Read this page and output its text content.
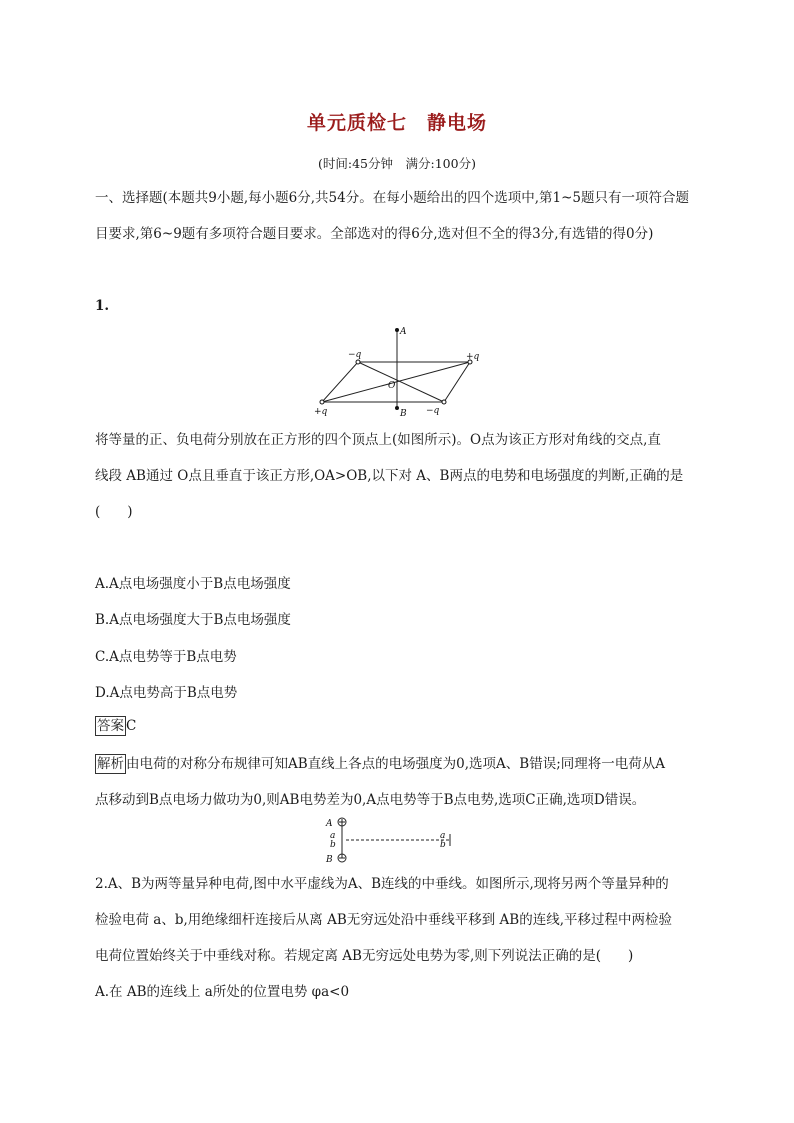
单元质检七　静电场
(时间:45分钟　满分:100分)
一、选择题(本题共9小题,每小题6分,共54分。在每小题给出的四个选项中,第1~5题只有一项符合题目要求,第6~9题有多项符合题目要求。全部选对的得6分,选对但不全的得3分,有选错的得0分)
1.
A
B
O
−q	+q
+q	−q
将等量的正、负电荷分别放在正方形的四个顶点上(如图所示)。O点为该正方形对角线的交点,直
线段 AB通过 O点且垂直于该正方形,OA>OB,以下对 A、B两点的电势和电场强度的判断,正确的是
(　　)
A.A点电场强度小于B点电场强度
B.A点电场强度大于B点电场强度
C.A点电势等于B点电势
D.A点电势高于B点电势
答案 C
解析 由电荷的对称分布规律可知AB直线上各点的电场强度为0,选项A、B错误;同理将一电荷从A
点移动到B点电场力做功为0,则AB电势差为0,A点电势等于B点电势,选项C正确,选项D错误。
A
B
a
b
a
b
2.A、B为两等量异种电荷,图中水平虚线为A、B连线的中垂线。如图所示,现将另两个等量异种的
检验电荷 a、b,用绝缘细杆连接后从离 AB无穷远处沿中垂线平移到 AB的连线,平移过程中两检验
电荷位置始终关于中垂线对称。若规定离 AB无穷远处电势为零,则下列说法正确的是(　　)
A.在 AB的连线上 a所处的位置电势 φa<0
